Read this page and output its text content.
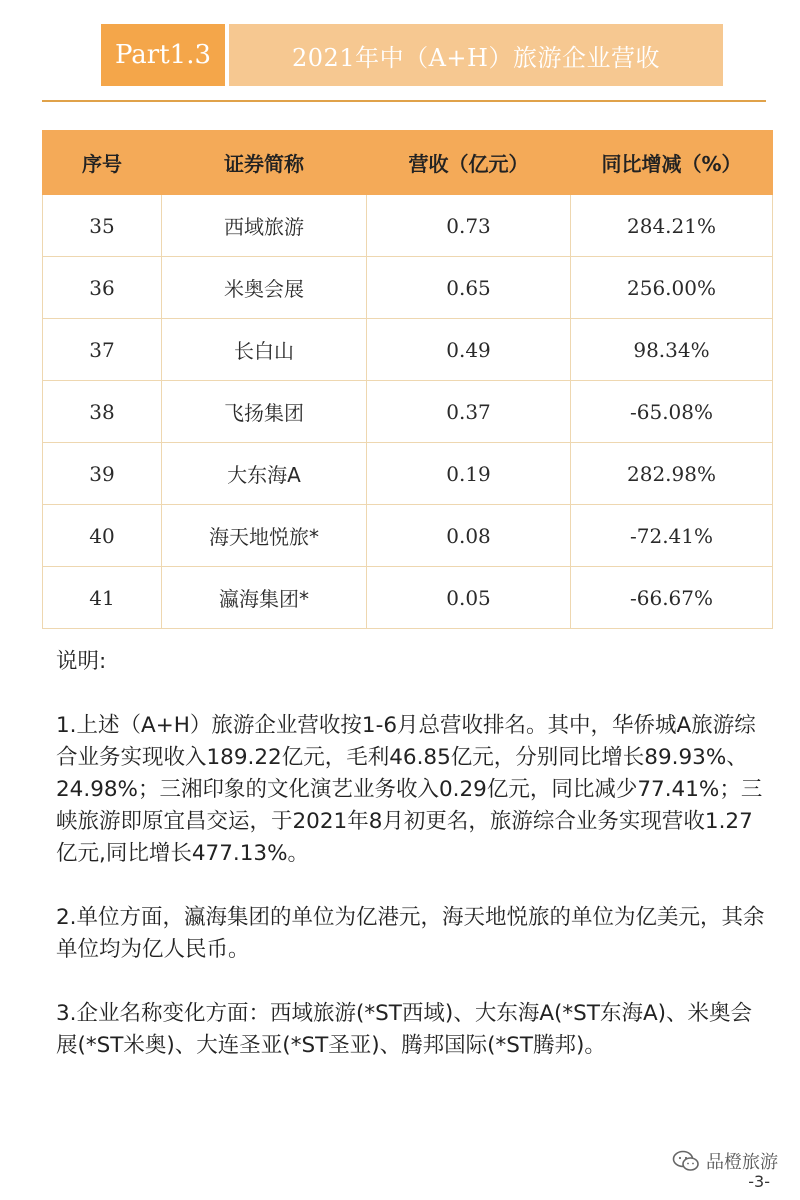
Part1.3	2021年中（A+H）旅游企业营收
序号	证券简称	营收（亿元）	同比增减（%）
35	西域旅游	0.73	284.21%
36	米奥会展	0.65	256.00%
37	长白山	0.49	98.34%
38	飞扬集团	0.37	-65.08%
39	大东海A	0.19	282.98%
40	海天地悦旅*	0.08	-72.41%
41	瀛海集团*	0.05	-66.67%

说明:

1.上述（A+H）旅游企业营收按1-6月总营收排名。其中，华侨城A旅游综合业务实现收入189.22亿元，毛利46.85亿元，分别同比增长89.93%、24.98%；三湘印象的文化演艺业务收入0.29亿元，同比减少77.41%；三峡旅游即原宜昌交运，于2021年8月初更名，旅游综合业务实现营收1.27亿元,同比增长477.13%。

2.单位方面，瀛海集团的单位为亿港元，海天地悦旅的单位为亿美元，其余单位均为亿人民币。

3.企业名称变化方面：西域旅游(*ST西域)、大东海A(*ST东海A)、米奥会展(*ST米奥)、大连圣亚(*ST圣亚)、腾邦国际(*ST腾邦)。

品橙旅游
-3-
